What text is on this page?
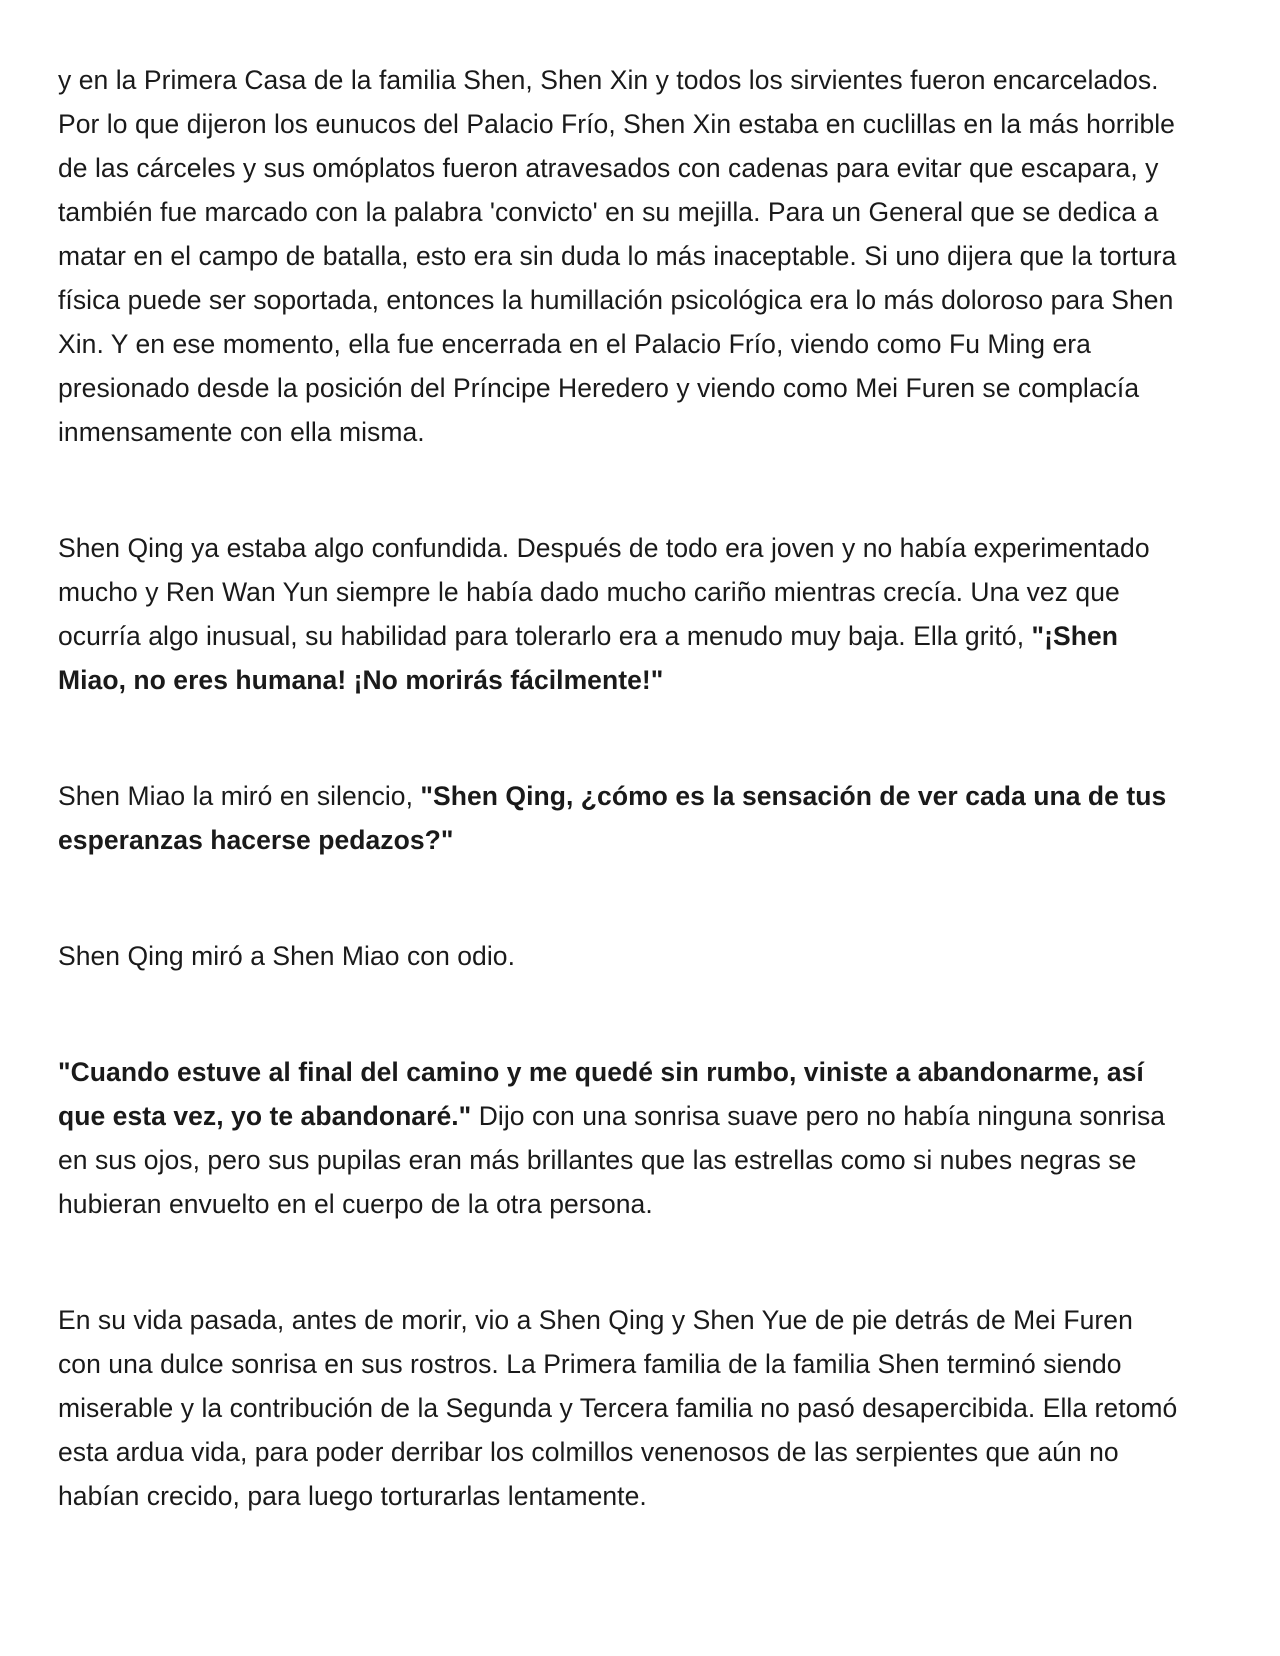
y en la Primera Casa de la familia Shen, Shen Xin y todos los sirvientes fueron encarcelados. Por lo que dijeron los eunucos del Palacio Frío, Shen Xin estaba en cuclillas en la más horrible de las cárceles y sus omóplatos fueron atravesados con cadenas para evitar que escapara, y también fue marcado con la palabra 'convicto' en su mejilla. Para un General que se dedica a matar en el campo de batalla, esto era sin duda lo más inaceptable. Si uno dijera que la tortura física puede ser soportada, entonces la humillación psicológica era lo más doloroso para Shen Xin. Y en ese momento, ella fue encerrada en el Palacio Frío, viendo como Fu Ming era presionado desde la posición del Príncipe Heredero y viendo como Mei Furen se complacía inmensamente con ella misma.

Shen Qing ya estaba algo confundida. Después de todo era joven y no había experimentado mucho y Ren Wan Yun siempre le había dado mucho cariño mientras crecía. Una vez que ocurría algo inusual, su habilidad para tolerarlo era a menudo muy baja. Ella gritó, "¡Shen Miao, no eres humana! ¡No morirás fácilmente!"

Shen Miao la miró en silencio, "Shen Qing, ¿cómo es la sensación de ver cada una de tus esperanzas hacerse pedazos?"

Shen Qing miró a Shen Miao con odio.

"Cuando estuve al final del camino y me quedé sin rumbo, viniste a abandonarme, así que esta vez, yo te abandonaré." Dijo con una sonrisa suave pero no había ninguna sonrisa en sus ojos, pero sus pupilas eran más brillantes que las estrellas como si nubes negras se hubieran envuelto en el cuerpo de la otra persona.

En su vida pasada, antes de morir, vio a Shen Qing y Shen Yue de pie detrás de Mei Furen con una dulce sonrisa en sus rostros. La Primera familia de la familia Shen terminó siendo miserable y la contribución de la Segunda y Tercera familia no pasó desapercibida. Ella retomó esta ardua vida, para poder derribar los colmillos venenosos de las serpientes que aún no habían crecido, para luego torturarlas lentamente.
